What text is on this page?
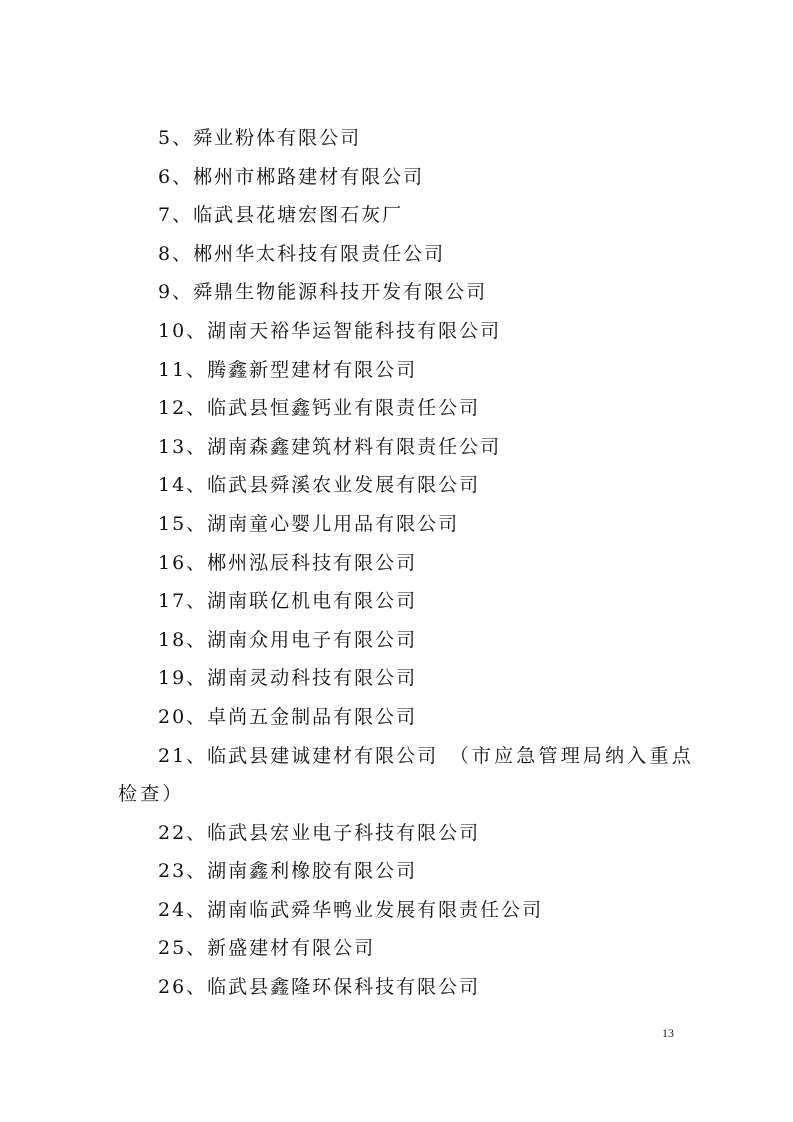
5、舜业粉体有限公司
6、郴州市郴路建材有限公司
7、临武县花塘宏图石灰厂
8、郴州华太科技有限责任公司
9、舜鼎生物能源科技开发有限公司
10、湖南天裕华运智能科技有限公司
11、腾鑫新型建材有限公司
12、临武县恒鑫钙业有限责任公司
13、湖南森鑫建筑材料有限责任公司
14、临武县舜溪农业发展有限公司
15、湖南童心婴儿用品有限公司
16、郴州泓辰科技有限公司
17、湖南联亿机电有限公司
18、湖南众用电子有限公司
19、湖南灵动科技有限公司
20、卓尚五金制品有限公司
21、临武县建诚建材有限公司　 （市应急管理局纳入重点检查）
22、临武县宏业电子科技有限公司
23、湖南鑫利橡胶有限公司
24、湖南临武舜华鸭业发展有限责任公司
25、新盛建材有限公司
26、临武县鑫隆环保科技有限公司
13
